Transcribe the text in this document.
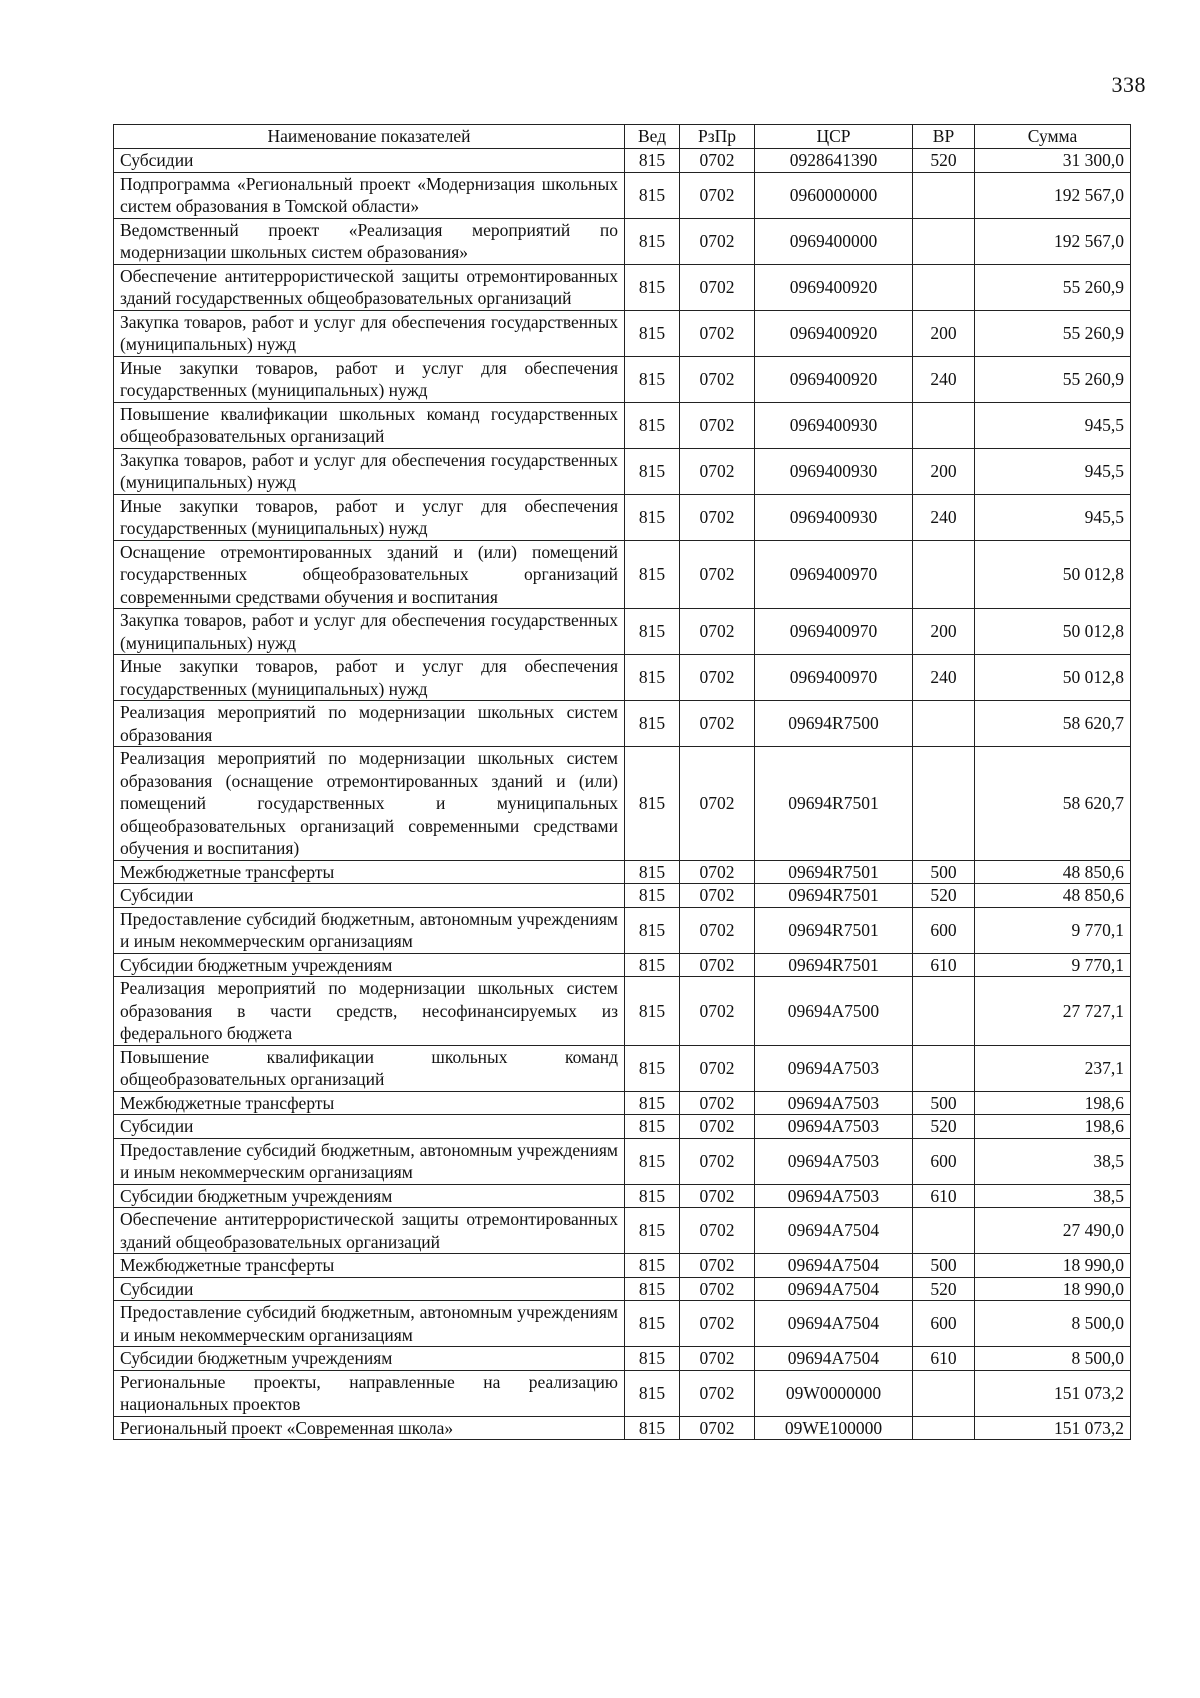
338
Наименование показателей	Вед	РзПр	ЦСР	ВР	Сумма
Субсидии	815	0702	0928641390	520	31 300,0
Подпрограмма «Региональный проект «Модернизация школьных систем образования в Томской области»	815	0702	0960000000		192 567,0
Ведомственный проект «Реализация мероприятий по модернизации школьных систем образования»	815	0702	0969400000		192 567,0
Обеспечение антитеррористической защиты отремонтированных зданий государственных общеобразовательных организаций	815	0702	0969400920		55 260,9
Закупка товаров, работ и услуг для обеспечения государственных (муниципальных) нужд	815	0702	0969400920	200	55 260,9
Иные закупки товаров, работ и услуг для обеспечения государственных (муниципальных) нужд	815	0702	0969400920	240	55 260,9
Повышение квалификации школьных команд государственных общеобразовательных организаций	815	0702	0969400930		945,5
Закупка товаров, работ и услуг для обеспечения государственных (муниципальных) нужд	815	0702	0969400930	200	945,5
Иные закупки товаров, работ и услуг для обеспечения государственных (муниципальных) нужд	815	0702	0969400930	240	945,5
Оснащение отремонтированных зданий и (или) помещений государственных общеобразовательных организаций современными средствами обучения и воспитания	815	0702	0969400970		50 012,8
Закупка товаров, работ и услуг для обеспечения государственных (муниципальных) нужд	815	0702	0969400970	200	50 012,8
Иные закупки товаров, работ и услуг для обеспечения государственных (муниципальных) нужд	815	0702	0969400970	240	50 012,8
Реализация мероприятий по модернизации школьных систем образования	815	0702	09694R7500		58 620,7
Реализация мероприятий по модернизации школьных систем образования (оснащение отремонтированных зданий и (или) помещений государственных и муниципальных общеобразовательных организаций современными средствами обучения и воспитания)	815	0702	09694R7501		58 620,7
Межбюджетные трансферты	815	0702	09694R7501	500	48 850,6
Субсидии	815	0702	09694R7501	520	48 850,6
Предоставление субсидий бюджетным, автономным учреждениям и иным некоммерческим организациям	815	0702	09694R7501	600	9 770,1
Субсидии бюджетным учреждениям	815	0702	09694R7501	610	9 770,1
Реализация мероприятий по модернизации школьных систем образования в части средств, несофинансируемых из федерального бюджета	815	0702	09694A7500		27 727,1
Повышение квалификации школьных команд общеобразовательных организаций	815	0702	09694A7503		237,1
Межбюджетные трансферты	815	0702	09694A7503	500	198,6
Субсидии	815	0702	09694A7503	520	198,6
Предоставление субсидий бюджетным, автономным учреждениям и иным некоммерческим организациям	815	0702	09694A7503	600	38,5
Субсидии бюджетным учреждениям	815	0702	09694A7503	610	38,5
Обеспечение антитеррористической защиты отремонтированных зданий общеобразовательных организаций	815	0702	09694A7504		27 490,0
Межбюджетные трансферты	815	0702	09694A7504	500	18 990,0
Субсидии	815	0702	09694A7504	520	18 990,0
Предоставление субсидий бюджетным, автономным учреждениям и иным некоммерческим организациям	815	0702	09694A7504	600	8 500,0
Субсидии бюджетным учреждениям	815	0702	09694A7504	610	8 500,0
Региональные проекты, направленные на реализацию национальных проектов	815	0702	09W0000000		151 073,2
Региональный проект «Современная школа»	815	0702	09WE100000		151 073,2
